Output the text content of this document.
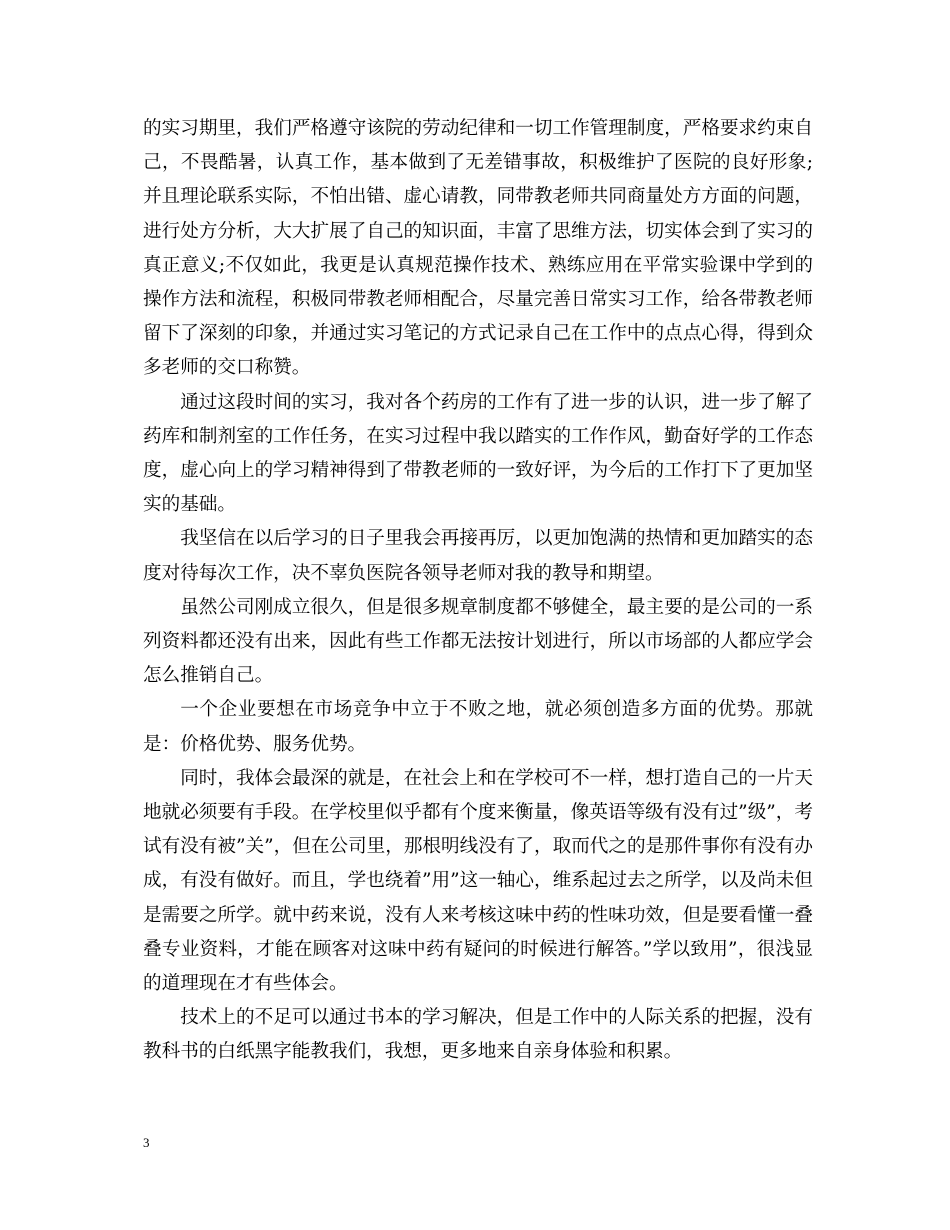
的实习期里，我们严格遵守该院的劳动纪律和一切工作管理制度，严格要求约束自己，不畏酷暑，认真工作，基本做到了无差错事故，积极维护了医院的良好形象;并且理论联系实际，不怕出错、虚心请教，同带教老师共同商量处方方面的问题，进行处方分析，大大扩展了自己的知识面，丰富了思维方法，切实体会到了实习的真正意义;不仅如此，我更是认真规范操作技术、熟练应用在平常实验课中学到的操作方法和流程，积极同带教老师相配合，尽量完善日常实习工作，给各带教老师留下了深刻的印象，并通过实习笔记的方式记录自己在工作中的点点心得，得到众多老师的交口称赞。

通过这段时间的实习，我对各个药房的工作有了进一步的认识，进一步了解了药库和制剂室的工作任务，在实习过程中我以踏实的工作作风，勤奋好学的工作态度，虚心向上的学习精神得到了带教老师的一致好评，为今后的工作打下了更加坚实的基础。

我坚信在以后学习的日子里我会再接再厉，以更加饱满的热情和更加踏实的态度对待每次工作，决不辜负医院各领导老师对我的教导和期望。

虽然公司刚成立很久，但是很多规章制度都不够健全，最主要的是公司的一系列资料都还没有出来，因此有些工作都无法按计划进行，所以市场部的人都应学会怎么推销自己。

一个企业要想在市场竞争中立于不败之地，就必须创造多方面的优势。那就是：价格优势、服务优势。

同时，我体会最深的就是，在社会上和在学校可不一样，想打造自己的一片天地就必须要有手段。在学校里似乎都有个度来衡量，像英语等级有没有过”级”，考试有没有被”关”，但在公司里，那根明线没有了，取而代之的是那件事你有没有办成，有没有做好。而且，学也绕着”用”这一轴心，维系起过去之所学，以及尚未但是需要之所学。就中药来说，没有人来考核这味中药的性味功效，但是要看懂一叠叠专业资料，才能在顾客对这味中药有疑问的时候进行解答。”学以致用”，很浅显的道理现在才有些体会。

技术上的不足可以通过书本的学习解决，但是工作中的人际关系的把握，没有教科书的白纸黑字能教我们，我想，更多地来自亲身体验和积累。

3
